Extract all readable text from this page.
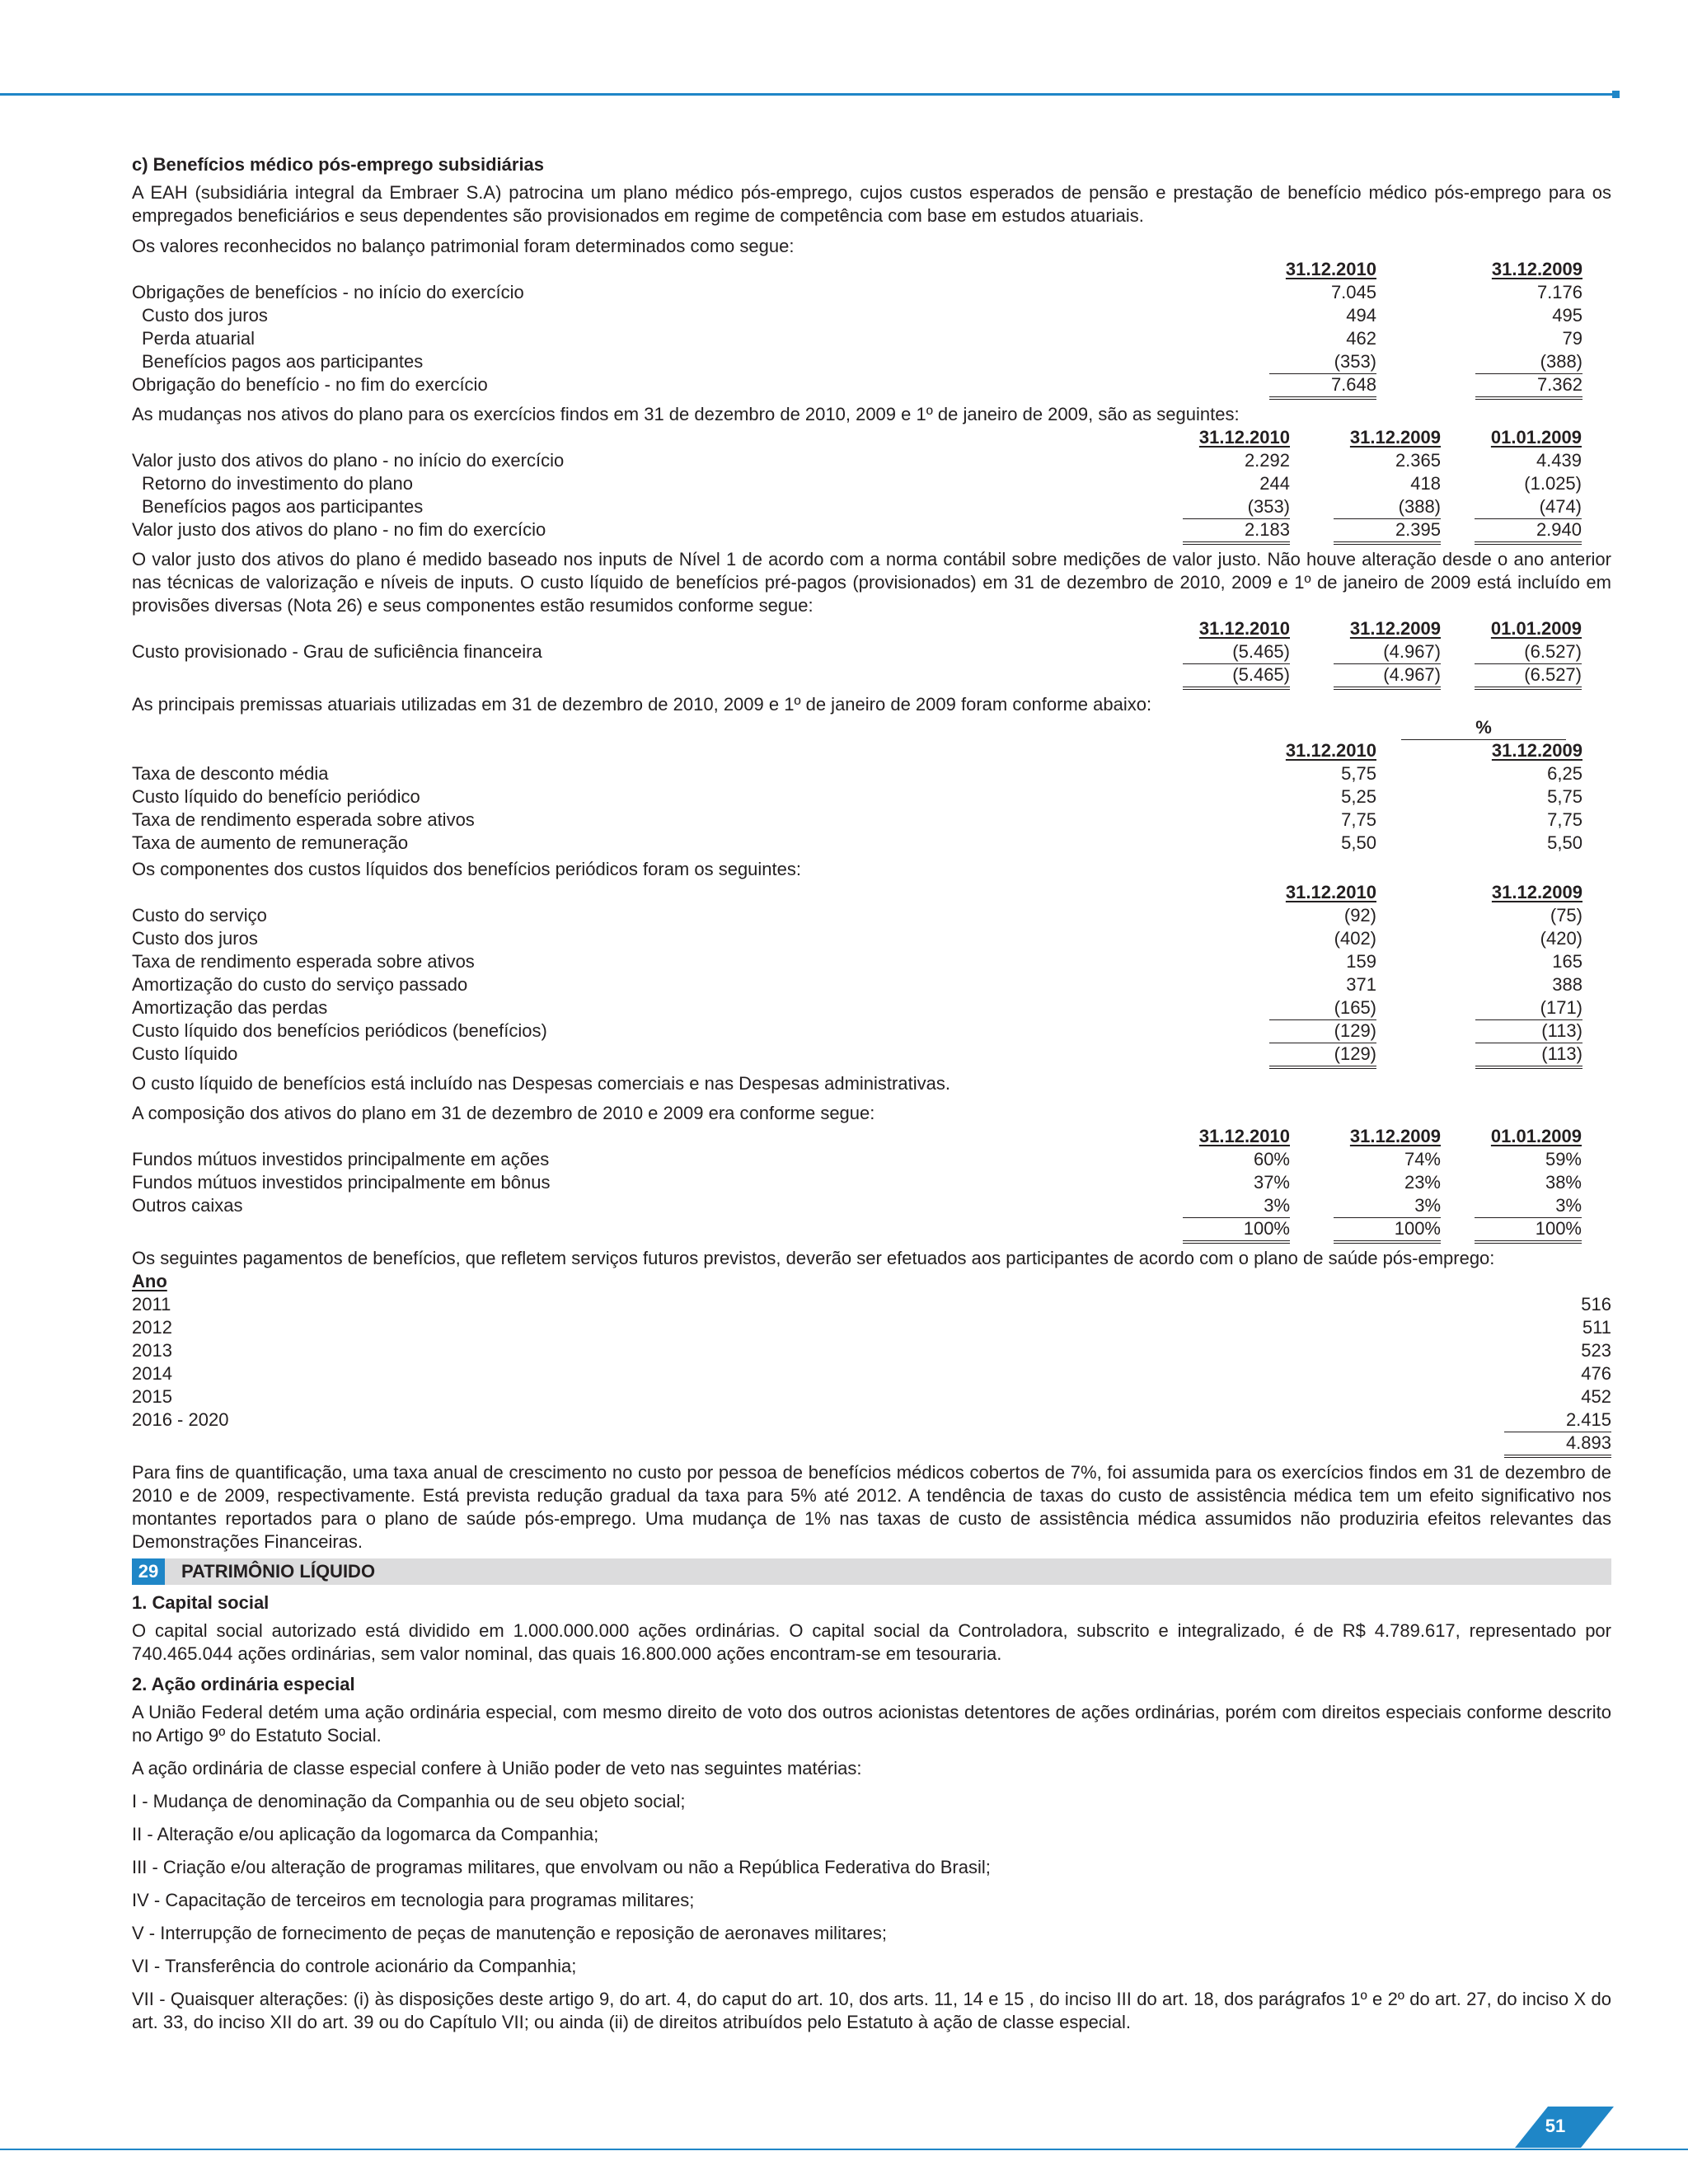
c) Benefícios médico pós-emprego subsidiárias

A EAH (subsidiária integral da Embraer S.A) patrocina um plano médico pós-emprego, cujos custos esperados de pensão e prestação de benefício médico pós-emprego para os empregados beneficiários e seus dependentes são provisionados em regime de competência com base em estudos atuariais.

Os valores reconhecidos no balanço patrimonial foram determinados como segue:

31.12.2010	31.12.2009
Obrigações de benefícios - no início do exercício	7.045	7.176
Custo dos juros	494	495
Perda atuarial	462	79
Benefícios pagos aos participantes	(353)	(388)
Obrigação do benefício - no fim do exercício	7.648	7.362

As mudanças nos ativos do plano para os exercícios findos em 31 de dezembro de 2010, 2009 e 1º de janeiro de 2009, são as seguintes:

31.12.2010	31.12.2009	01.01.2009
Valor justo dos ativos do plano - no início do exercício	2.292	2.365	4.439
Retorno do investimento do plano	244	418	(1.025)
Benefícios pagos aos participantes	(353)	(388)	(474)
Valor justo dos ativos do plano - no fim do exercício	2.183	2.395	2.940

O valor justo dos ativos do plano é medido baseado nos inputs de Nível 1 de acordo com a norma contábil sobre medições de valor justo. Não houve alteração desde o ano anterior nas técnicas de valorização e níveis de inputs. O custo líquido de benefícios pré-pagos (provisionados) em 31 de dezembro de 2010, 2009 e 1º de janeiro de 2009 está incluído em provisões diversas (Nota 26) e seus componentes estão resumidos conforme segue:

31.12.2010	31.12.2009	01.01.2009
Custo provisionado - Grau de suficiência financeira	(5.465)	(4.967)	(6.527)
(5.465)	(4.967)	(6.527)

As principais premissas atuariais utilizadas em 31 de dezembro de 2010, 2009 e 1º de janeiro de 2009 foram conforme abaixo:

%
31.12.2010	31.12.2009
Taxa de desconto média	5,75	6,25
Custo líquido do benefício periódico	5,25	5,75
Taxa de rendimento esperada sobre ativos	7,75	7,75
Taxa de aumento de remuneração	5,50	5,50

Os componentes dos custos líquidos dos benefícios periódicos foram os seguintes:

31.12.2010	31.12.2009
Custo do serviço	(92)	(75)
Custo dos juros	(402)	(420)
Taxa de rendimento esperada sobre ativos	159	165
Amortização do custo do serviço passado	371	388
Amortização das perdas	(165)	(171)
Custo líquido dos benefícios periódicos (benefícios)	(129)	(113)
Custo líquido	(129)	(113)

O custo líquido de benefícios está incluído nas Despesas comerciais e nas Despesas administrativas.

A composição dos ativos do plano em 31 de dezembro de 2010 e 2009 era conforme segue:

31.12.2010	31.12.2009	01.01.2009
Fundos mútuos investidos principalmente em ações	60%	74%	59%
Fundos mútuos investidos principalmente em bônus	37%	23%	38%
Outros caixas	3%	3%	3%
100%	100%	100%

Os seguintes pagamentos de benefícios, que refletem serviços futuros previstos, deverão ser efetuados aos participantes de acordo com o plano de saúde pós-emprego:

Ano
2011	516
2012	511
2013	523
2014	476
2015	452
2016 - 2020	2.415
4.893

Para fins de quantificação, uma taxa anual de crescimento no custo por pessoa de benefícios médicos cobertos de 7%, foi assumida para os exercícios findos em 31 de dezembro de 2010 e de 2009, respectivamente. Está prevista redução gradual da taxa para 5% até 2012. A tendência de taxas do custo de assistência médica tem um efeito significativo nos montantes reportados para o plano de saúde pós-emprego. Uma mudança de 1% nas taxas de custo de assistência médica assumidos não produziria efeitos relevantes das Demonstrações Financeiras.

29	PATRIMÔNIO LÍQUIDO
1. Capital social

O capital social autorizado está dividido em 1.000.000.000 ações ordinárias. O capital social da Controladora, subscrito e integralizado, é de R$ 4.789.617, representado por 740.465.044 ações ordinárias, sem valor nominal, das quais 16.800.000 ações encontram-se em tesouraria.

2. Ação ordinária especial

A União Federal detém uma ação ordinária especial, com mesmo direito de voto dos outros acionistas detentores de ações ordinárias, porém com direitos especiais conforme descrito no Artigo 9º do Estatuto Social.

A ação ordinária de classe especial confere à União poder de veto nas seguintes matérias:

I - Mudança de denominação da Companhia ou de seu objeto social;

II - Alteração e/ou aplicação da logomarca da Companhia;

III - Criação e/ou alteração de programas militares, que envolvam ou não a República Federativa do Brasil;

IV - Capacitação de terceiros em tecnologia para programas militares;

V - Interrupção de fornecimento de peças de manutenção e reposição de aeronaves militares;

VI - Transferência do controle acionário da Companhia;

VII - Quaisquer alterações: (i) às disposições deste artigo 9, do art. 4, do caput do art. 10, dos arts. 11, 14 e 15 , do inciso III do art. 18, dos parágrafos 1º e 2º do art. 27, do inciso X do art. 33, do inciso XII do art. 39 ou do Capítulo VII; ou ainda (ii) de direitos atribuídos pelo Estatuto à ação de classe especial.

51
